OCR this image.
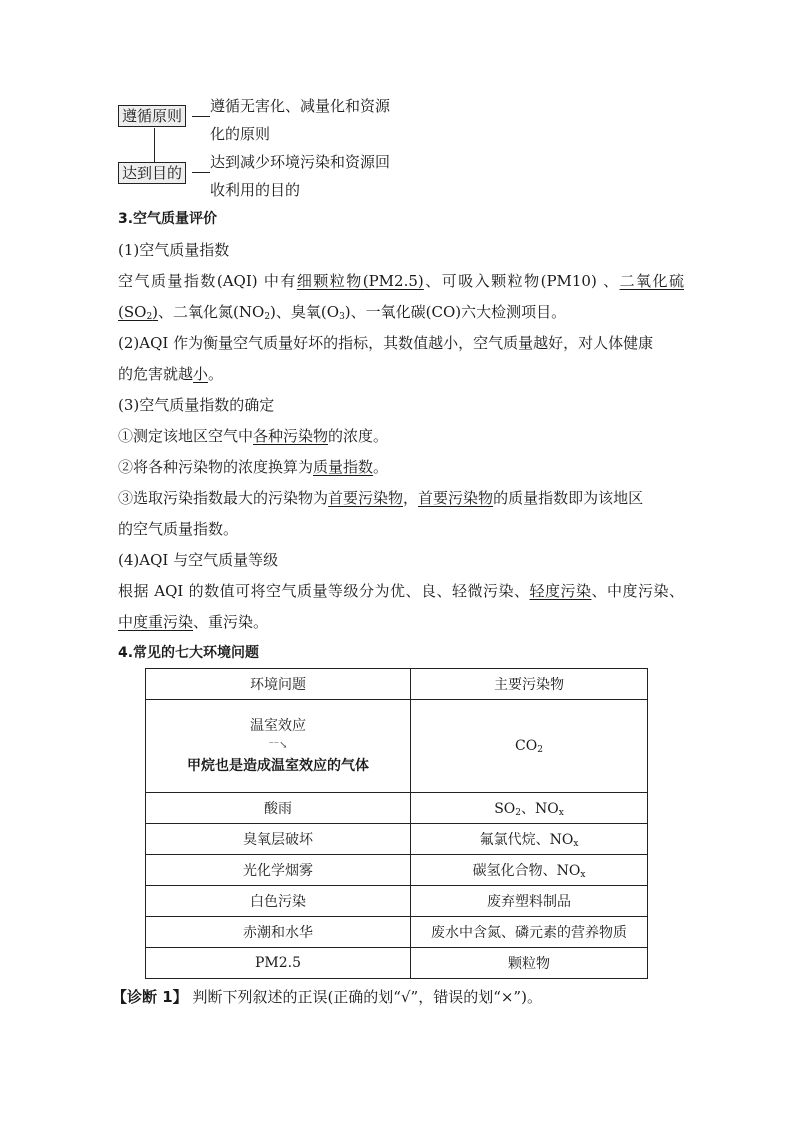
遵循原则
达到目的
遵循无害化、减量化和资源
化的原则
达到减少环境污染和资源回
收利用的目的
3.空气质量评价
(1)空气质量指数
空气质量指数(AQI) 中有细颗粒物(PM2.5)、可吸入颗粒物(PM10) 、二氧化硫
$(SO_2)$、二氧化氮$(NO_2)$、臭氧$(O_3)$、一氧化碳(CO)六大检测项目。
(2)AQI 作为衡量空气质量好坏的指标，其数值越小，空气质量越好，对人体健康
的危害就越小。
(3)空气质量指数的确定
①测定该地区空气中各种污染物的浓度。
②将各种污染物的浓度换算为质量指数。
③选取污染指数最大的污染物为首要污染物，首要污染物的质量指数即为该地区
的空气质量指数。
(4)AQI 与空气质量等级
根据 AQI 的数值可将空气质量等级分为优、良、轻微污染、轻度污染、中度污染、
中度重污染、重污染。
4.常见的七大环境问题
环境问题	主要污染物

温室效应
⁻⁻↘
甲烷也是造成温室效应的气体	$CO_2$
酸雨	$SO_2$、$NO_x$
臭氧层破坏	氟氯代烷、$NO_x$
光化学烟雾	碳氢化合物、$NO_x$
白色污染	废弃塑料制品
赤潮和水华	废水中含氮、磷元素的营养物质
PM2.5	颗粒物
【诊断 1】 判断下列叙述的正误(正确的划“√”，错误的划“×”)。
